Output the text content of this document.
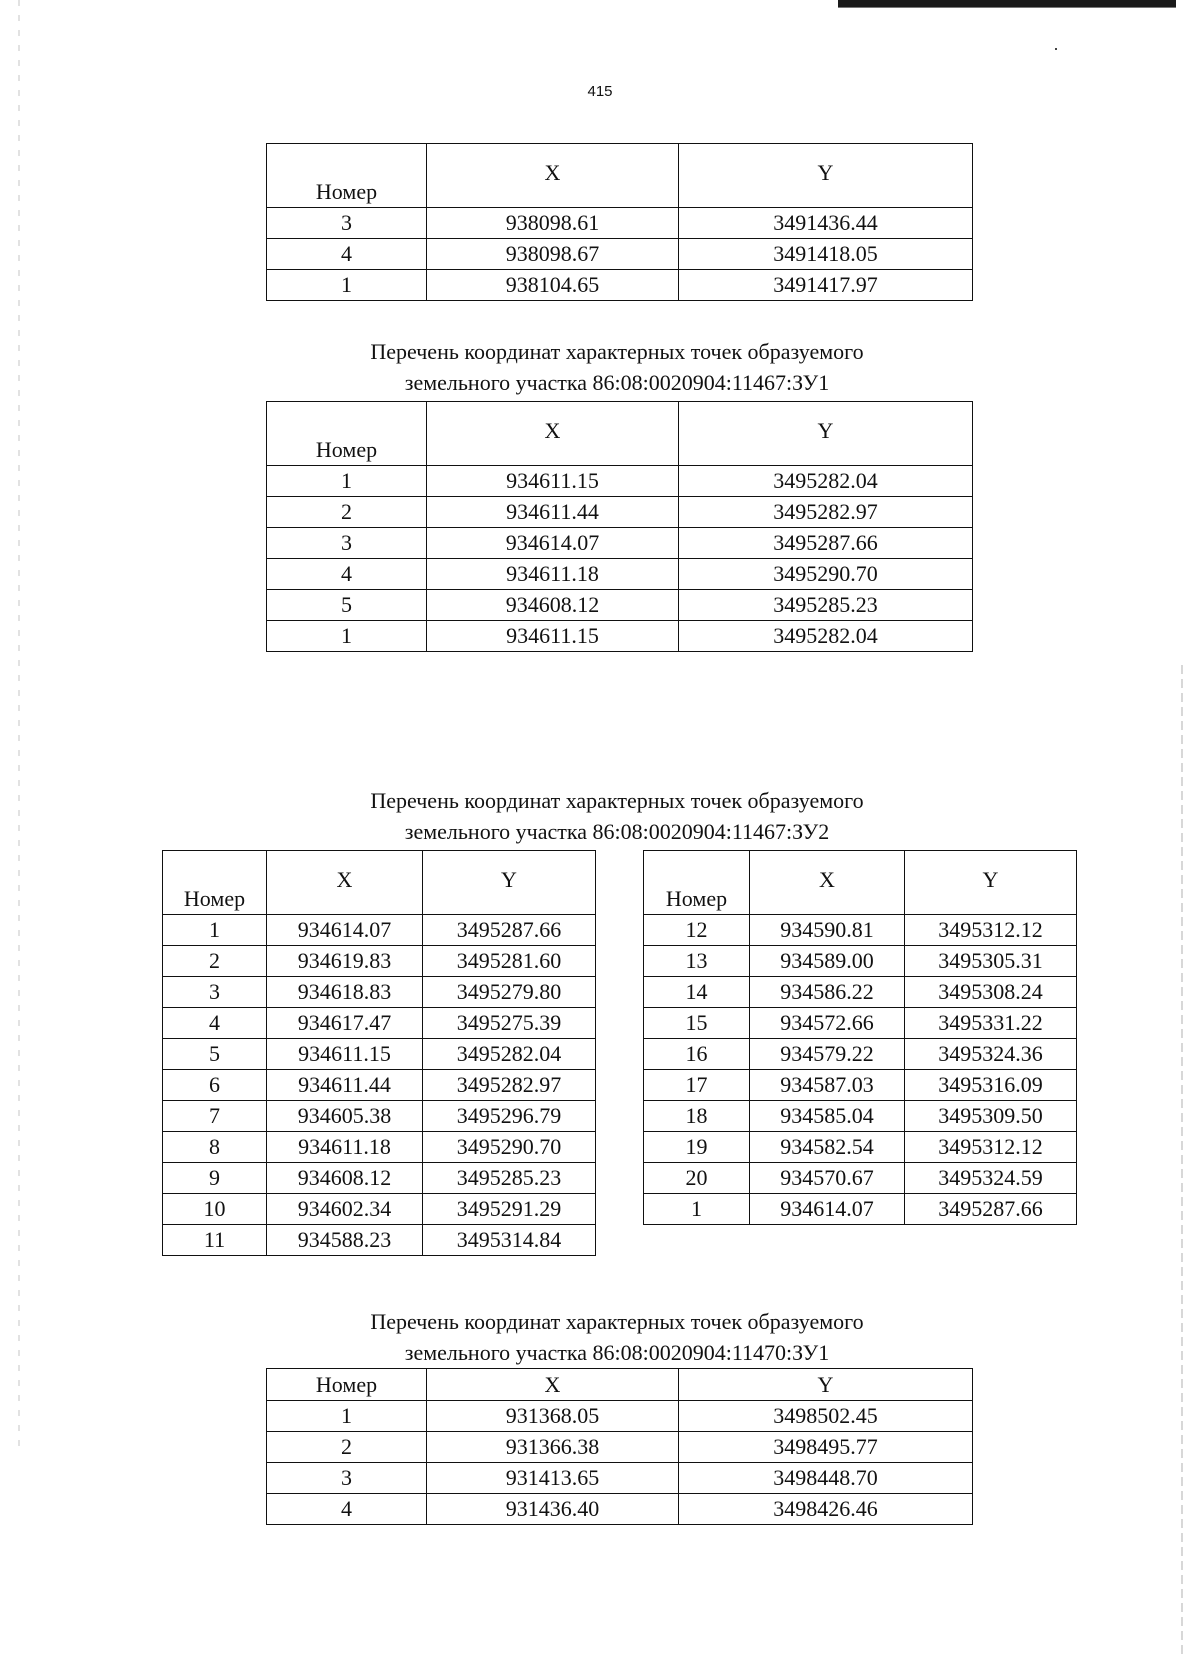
415
Номер	X	Y
3	938098.61	3491436.44
4	938098.67	3491418.05
1	938104.65	3491417.97
Перечень координат характерных точек образуемого
земельного участка 86:08:0020904:11467:ЗУ1
Номер	X	Y
1	934611.15	3495282.04
2	934611.44	3495282.97
3	934614.07	3495287.66
4	934611.18	3495290.70
5	934608.12	3495285.23
1	934611.15	3495282.04
Перечень координат характерных точек образуемого
земельного участка 86:08:0020904:11467:ЗУ2
Номер	X	Y
1	934614.07	3495287.66
2	934619.83	3495281.60
3	934618.83	3495279.80
4	934617.47	3495275.39
5	934611.15	3495282.04
6	934611.44	3495282.97
7	934605.38	3495296.79
8	934611.18	3495290.70
9	934608.12	3495285.23
10	934602.34	3495291.29
11	934588.23	3495314.84
Номер	X	Y
12	934590.81	3495312.12
13	934589.00	3495305.31
14	934586.22	3495308.24
15	934572.66	3495331.22
16	934579.22	3495324.36
17	934587.03	3495316.09
18	934585.04	3495309.50
19	934582.54	3495312.12
20	934570.67	3495324.59
1	934614.07	3495287.66
Перечень координат характерных точек образуемого
земельного участка 86:08:0020904:11470:ЗУ1
Номер	X	Y
1	931368.05	3498502.45
2	931366.38	3498495.77
3	931413.65	3498448.70
4	931436.40	3498426.46
